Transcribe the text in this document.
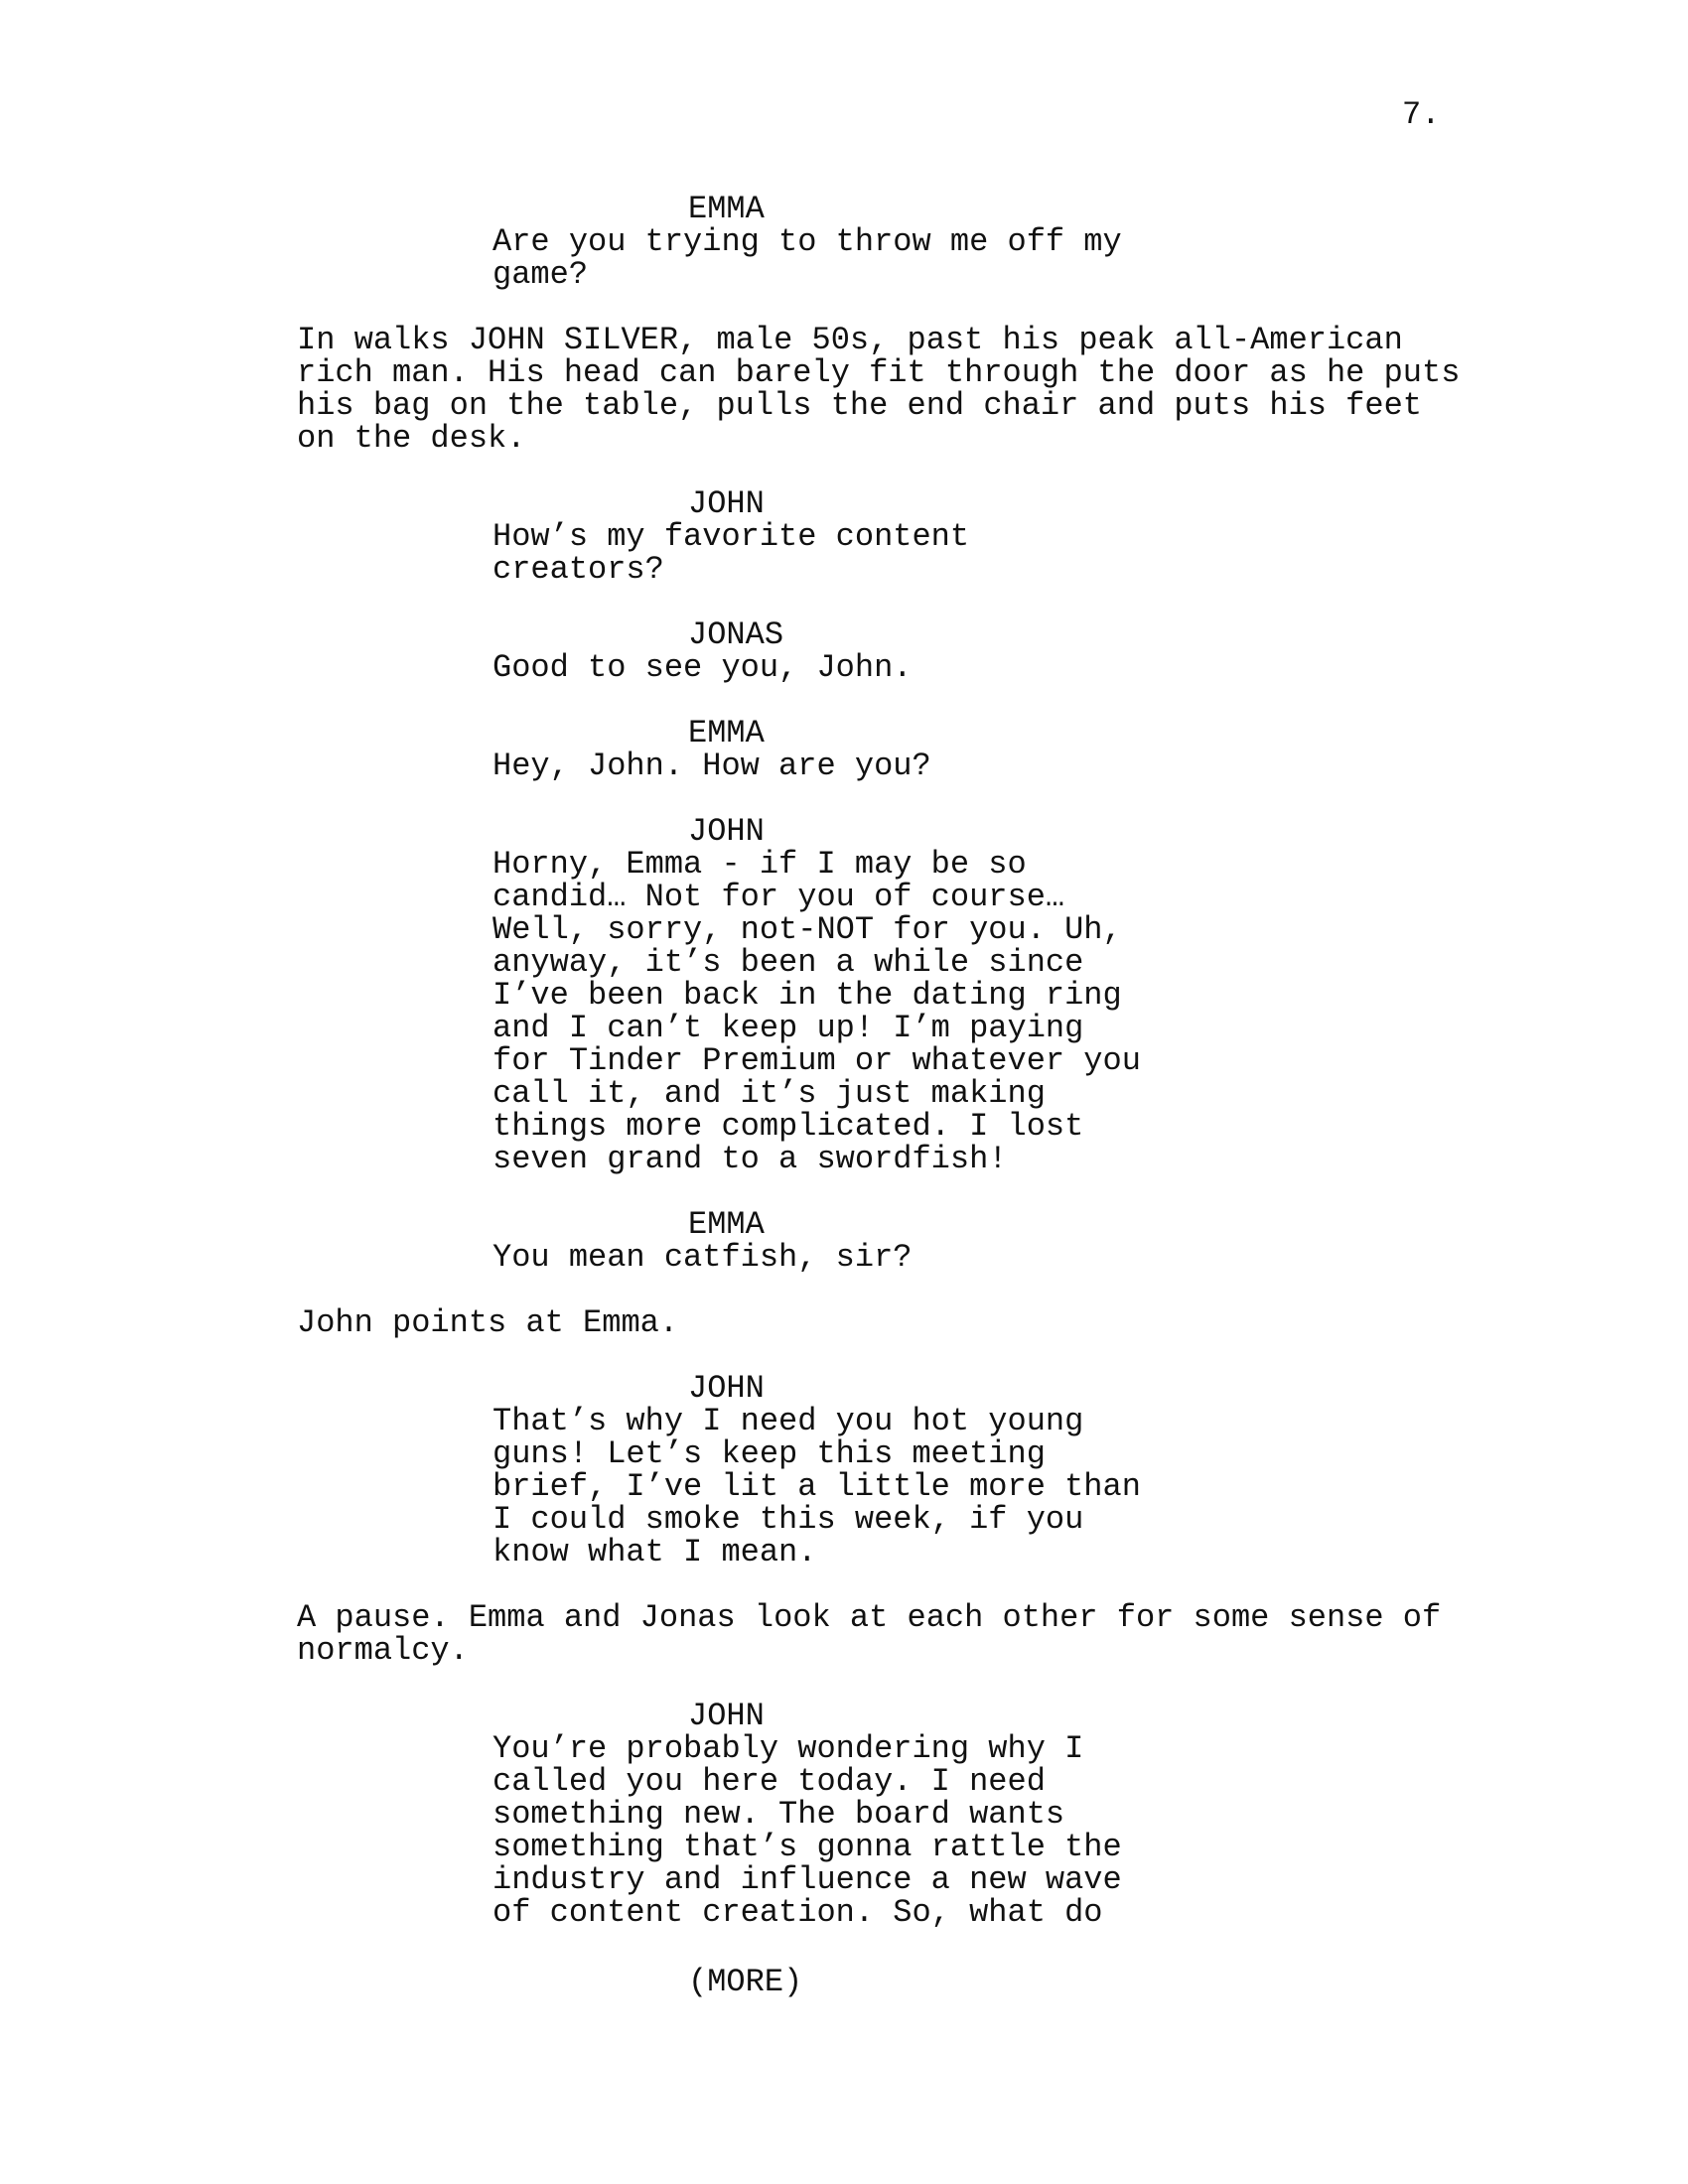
7.
EMMA
Are you trying to throw me off my
game?
In walks JOHN SILVER, male 50s, past his peak all-American
rich man. His head can barely fit through the door as he puts
his bag on the table, pulls the end chair and puts his feet
on the desk.
JOHN
How’s my favorite content
creators?
JONAS
Good to see you, John.
EMMA
Hey, John. How are you?
JOHN
Horny, Emma - if I may be so
candid… Not for you of course…
Well, sorry, not-NOT for you. Uh,
anyway, it’s been a while since
I’ve been back in the dating ring
and I can’t keep up! I’m paying
for Tinder Premium or whatever you
call it, and it’s just making
things more complicated. I lost
seven grand to a swordfish!
EMMA
You mean catfish, sir?
John points at Emma.
JOHN
That’s why I need you hot young
guns! Let’s keep this meeting
brief, I’ve lit a little more than
I could smoke this week, if you
know what I mean.
A pause. Emma and Jonas look at each other for some sense of
normalcy.
JOHN
You’re probably wondering why I
called you here today. I need
something new. The board wants
something that’s gonna rattle the
industry and influence a new wave
of content creation. So, what do
(MORE)
